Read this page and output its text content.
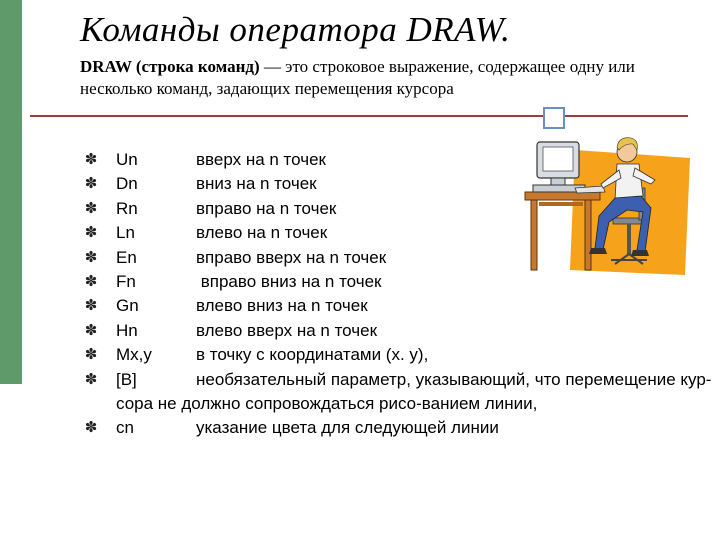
Команды оператора DRAW.
DRAW (строка команд) — это строковое выражение, содержащее одну или несколько команд, задающих перемещения курсора
✽ Un	вверх на n точек
✽ Dn	вниз на n точек
✽ Rn	вправо на n точек
✽ Ln	влево на n точек
✽ En	вправо вверх на n точек
✽ Fn	вправо вниз на n точек
✽ Gn	влево вниз на n точек
✽ Hn	влево вверх на n точек
✽ Mx,y	в точку с координатами (x. y),
✽ [B]	необязательный параметр, указывающий, что перемещение кур-сора не должно сопровождаться рисо-ванием линии,
✽ cn	указание цвета для следующей линии
